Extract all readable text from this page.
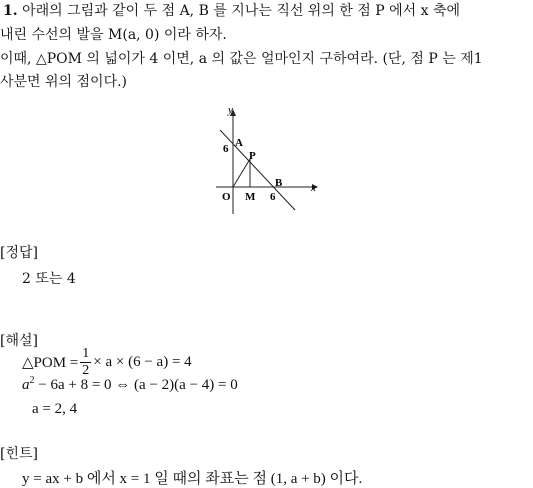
1. 아래의 그림과 같이 두 점 A, B 를 지나는 직선 위의 한 점 P 에서 x 축에
내린 수선의 발을 M(a, 0) 이라 하자.
이때, △POM 의 넓이가 4 이면, a 의 값은 얼마인지 구하여라. (단, 점 P 는 제1
사분면 위의 점이다.)
y
x
O
A
6
P
B
M 6
[정답]
2 또는 4
[해설]
△POM = $\frac{1}{2} \times a \times (6 - a) = 4$
$a^2 - 6a + 8 = 0$ ⇔ (a − 2)(a − 4) = 0
a = 2, 4
[힌트]
y = ax + b 에서 x = 1 일 때의 좌표는 점 (1, a + b) 이다.
